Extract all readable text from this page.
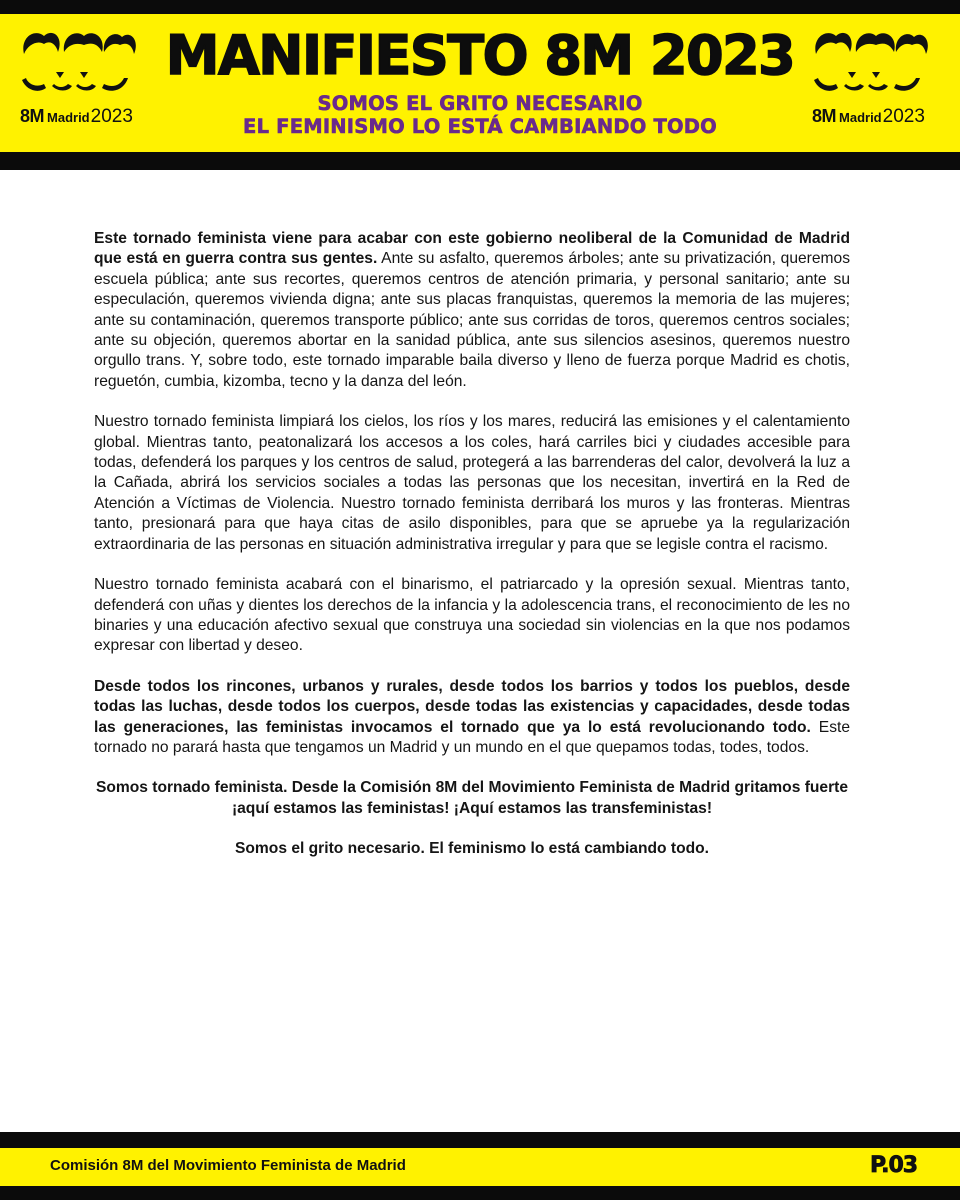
8M Madrid2023	8M Madrid2023
MANIFIESTO 8M 2023
SOMOS EL GRITO NECESARIO
EL FEMINISMO LO ESTÁ CAMBIANDO TODO

Este tornado feminista viene para acabar con este gobierno neoliberal de la Comunidad de Madrid que está en guerra contra sus gentes. Ante su asfalto, queremos árboles; ante su privatización, queremos escuela pública; ante sus recortes, queremos centros de atención primaria, y personal sanitario; ante su especulación, queremos vivienda digna; ante sus placas franquistas, queremos la memoria de las mujeres; ante su contaminación, queremos transporte público; ante sus corridas de toros, queremos centros sociales; ante su objeción, queremos abortar en la sanidad pública, ante sus silencios asesinos, queremos nuestro orgullo trans. Y, sobre todo, este tornado imparable baila diverso y lleno de fuerza porque Madrid es chotis, reguetón, cumbia, kizomba, tecno y la danza del león.

Nuestro tornado feminista limpiará los cielos, los ríos y los mares, reducirá las emisiones y el calentamiento global. Mientras tanto, peatonalizará los accesos a los coles, hará carriles bici y ciudades accesible para todas, defenderá los parques y los centros de salud, protegerá a las barrenderas del calor, devolverá la luz a la Cañada, abrirá los servicios sociales a todas las personas que los necesitan, invertirá en la Red de Atención a Víctimas de Violencia. Nuestro tornado feminista derribará los muros y las fronteras. Mientras tanto, presionará para que haya citas de asilo disponibles, para que se apruebe ya la regularización extraordinaria de las personas en situación administrativa irregular y para que se legisle contra el racismo.

Nuestro tornado feminista acabará con el binarismo, el patriarcado y la opresión sexual. Mientras tanto, defenderá con uñas y dientes los derechos de la infancia y la adolescencia trans, el reconocimiento de les no binaries y una educación afectivo sexual que construya una sociedad sin violencias en la que nos podamos expresar con libertad y deseo.

Desde todos los rincones, urbanos y rurales, desde todos los barrios y todos los pueblos, desde todas las luchas, desde todos los cuerpos, desde todas las existencias y capacidades, desde todas las generaciones, las feministas invocamos el tornado que ya lo está revolucionando todo. Este tornado no parará hasta que tengamos un Madrid y un mundo en el que quepamos todas, todes, todos.

Somos tornado feminista. Desde la Comisión 8M del Movimiento Feminista de Madrid gritamos fuerte ¡aquí estamos las feministas! ¡Aquí estamos las transfeministas!

Somos el grito necesario. El feminismo lo está cambiando todo.

Comisión 8M del Movimiento Feminista de Madrid	P.03
